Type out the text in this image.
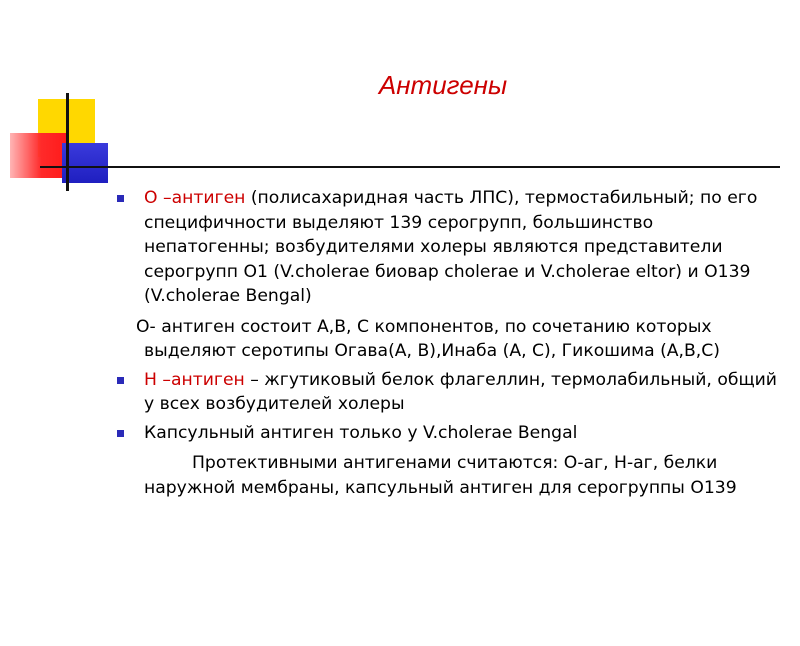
Антигены

О –антиген (полисахаридная часть ЛПС), термостабильный; по его специфичности выделяют 139 серогрупп, большинство непатогенны; возбудителями холеры являются представители серогрупп О1 (V.cholerae биовар cholerae и V.cholerae eltor) и О139 (V.cholerae Bengal)

О- антиген состоит А,В, С компонентов, по сочетанию которых выделяют серотипы Огава(А, В),Инаба (А, С), Гикошима (А,В,С)

Н –антиген – жгутиковый белок флагеллин, термолабильный, общий у всех возбудителей холеры

Капсульный антиген только у V.cholerae Bengal

Протективными антигенами считаются: О-аг, Н-аг, белки наружной мембраны, капсульный антиген для серогруппы О139
